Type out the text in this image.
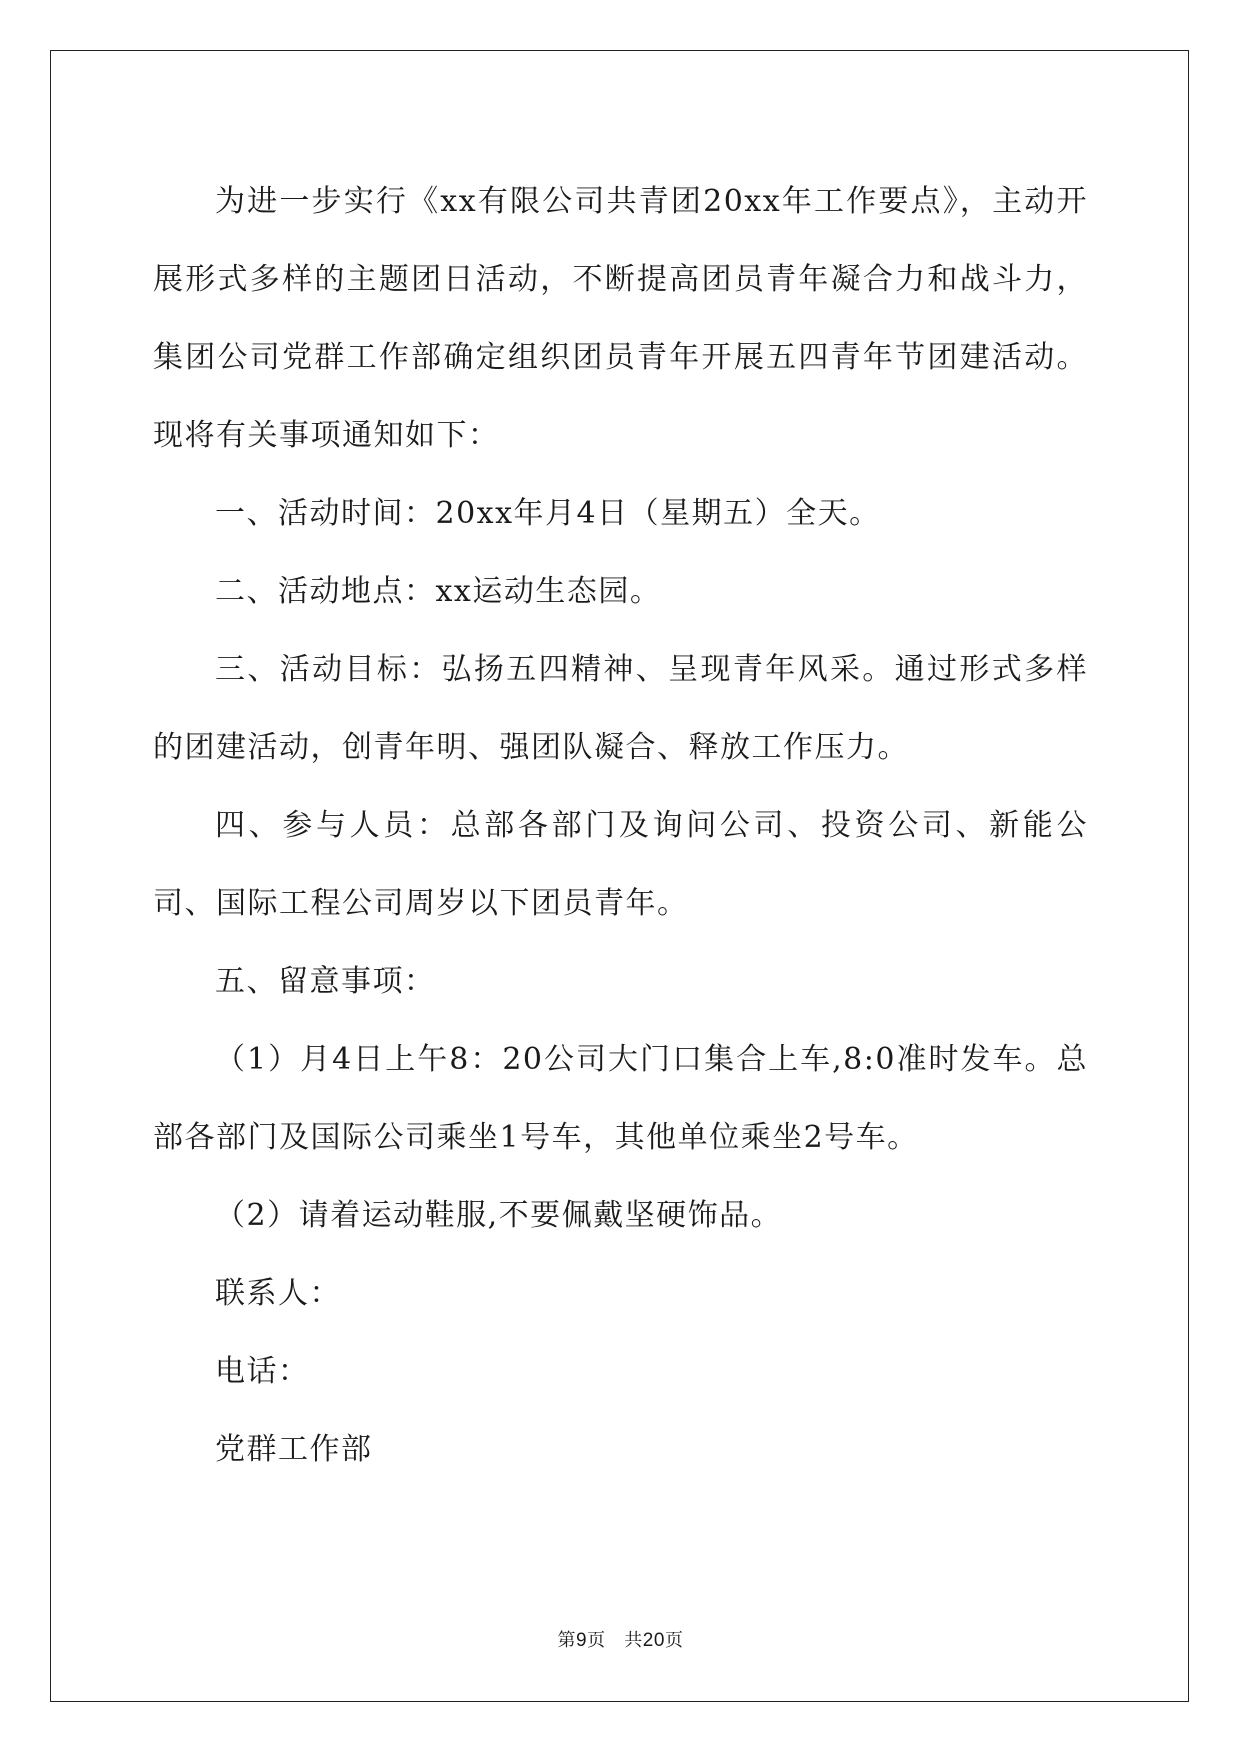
为进一步实行《xx有限公司共青团20xx年工作要点》，主动开展形式多样的主题团日活动，不断提高团员青年凝合力和战斗力，集团公司党群工作部确定组织团员青年开展五四青年节团建活动。现将有关事项通知如下：

一、活动时间：20xx年月4日（星期五）全天。

二、活动地点：xx运动生态园。

三、活动目标：弘扬五四精神、呈现青年风采。通过形式多样的团建活动，创青年明、强团队凝合、释放工作压力。

四、参与人员：总部各部门及询问公司、投资公司、新能公司、国际工程公司周岁以下团员青年。

五、留意事项：

（1）月4日上午8：20公司大门口集合上车,8:0准时发车。总部各部门及国际公司乘坐1号车，其他单位乘坐2号车。

（2）请着运动鞋服,不要佩戴坚硬饰品。

联系人：

电话：

党群工作部

第9页 共20页
